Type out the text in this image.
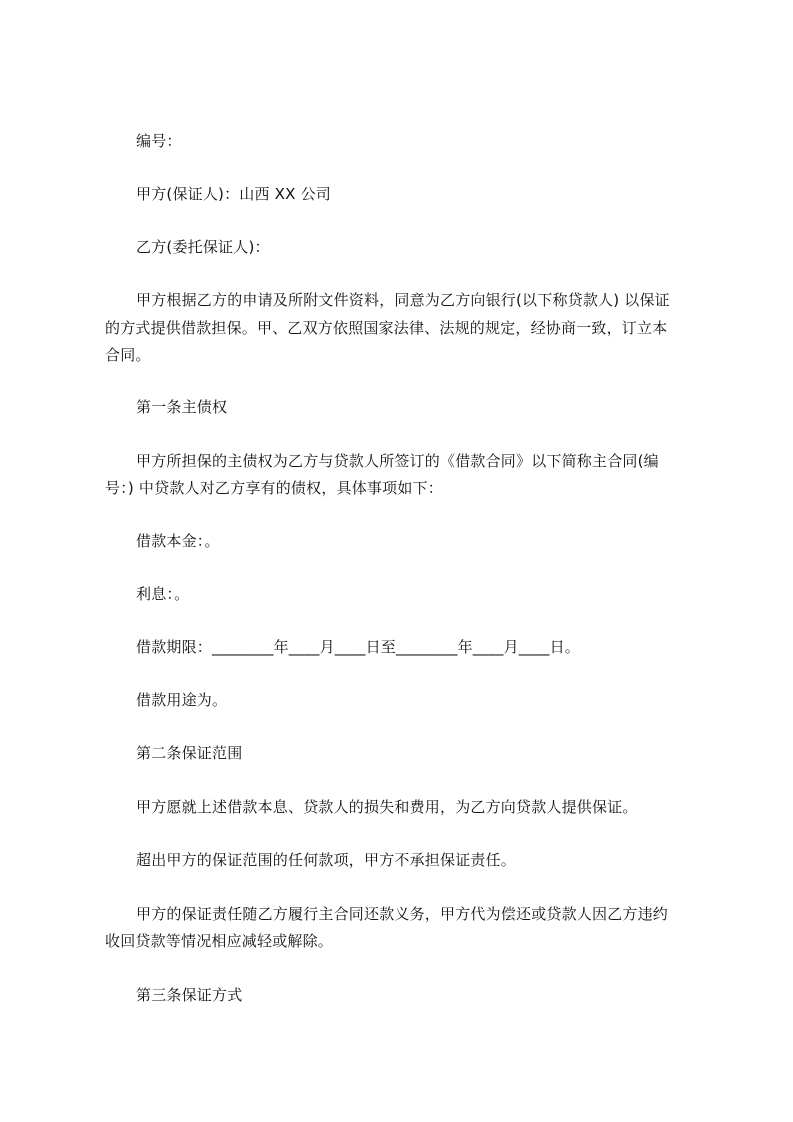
编号：
甲方(保证人)：山西 XX 公司
乙方(委托保证人)：
甲方根据乙方的申请及所附文件资料，同意为乙方向银行(以下称贷款人) 以保证
的方式提供借款担保。甲、乙双方依照国家法律、法规的规定，经协商一致，订立本
合同。
第一条主债权
甲方所担保的主债权为乙方与贷款人所签订的《借款合同》以下简称主合同(编
号：) 中贷款人对乙方享有的债权，具体事项如下：
借款本金：。
利息：。
借款期限：________年____月____日至________年____月____日。
借款用途为。
第二条保证范围
甲方愿就上述借款本息、贷款人的损失和费用，为乙方向贷款人提供保证。
超出甲方的保证范围的任何款项，甲方不承担保证责任。
甲方的保证责任随乙方履行主合同还款义务，甲方代为偿还或贷款人因乙方违约
收回贷款等情况相应减轻或解除。
第三条保证方式
